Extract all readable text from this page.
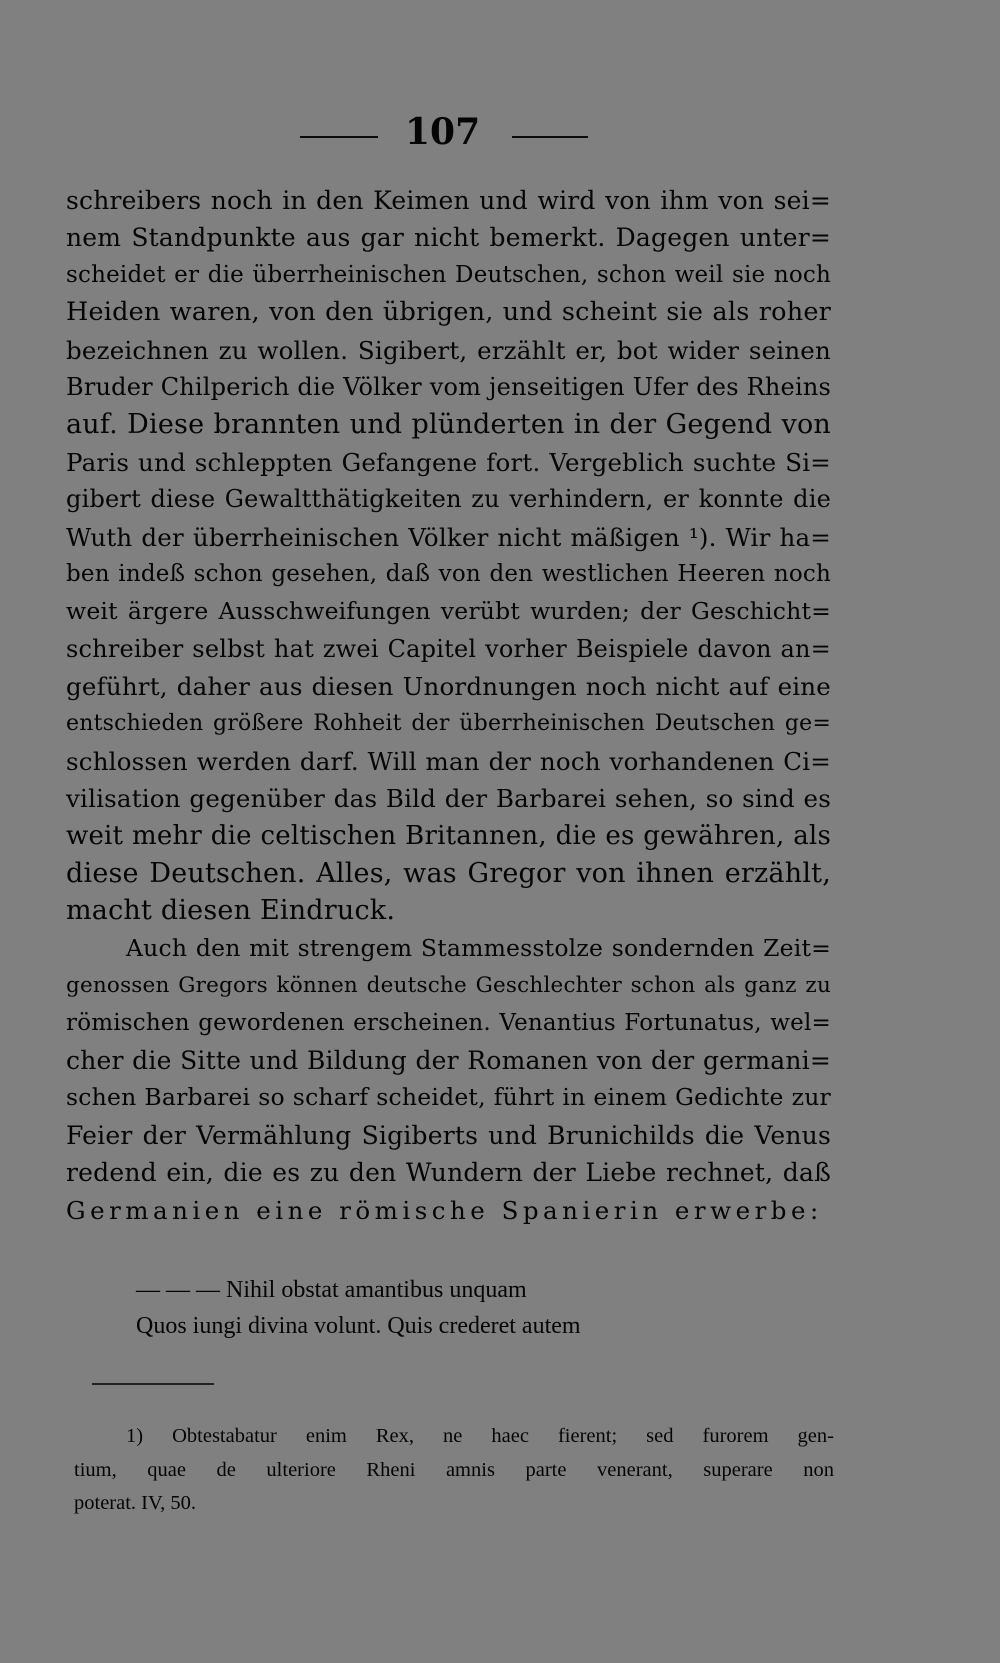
107
schreibers noch in den Keimen und wird von ihm von sei=
nem Standpunkte aus gar nicht bemerkt. Dagegen unter=
scheidet er die überrheinischen Deutschen, schon weil sie noch
Heiden waren, von den übrigen, und scheint sie als roher
bezeichnen zu wollen. Sigibert, erzählt er, bot wider seinen
Bruder Chilperich die Völker vom jenseitigen Ufer des Rheins
auf. Diese brannten und plünderten in der Gegend von
Paris und schleppten Gefangene fort. Vergeblich suchte Si=
gibert diese Gewaltthätigkeiten zu verhindern, er konnte die
Wuth der überrheinischen Völker nicht mäßigen ¹). Wir ha=
ben indeß schon gesehen, daß von den westlichen Heeren noch
weit ärgere Ausschweifungen verübt wurden; der Geschicht=
schreiber selbst hat zwei Capitel vorher Beispiele davon an=
geführt, daher aus diesen Unordnungen noch nicht auf eine
entschieden größere Rohheit der überrheinischen Deutschen ge=
schlossen werden darf. Will man der noch vorhandenen Ci=
vilisation gegenüber das Bild der Barbarei sehen, so sind es
weit mehr die celtischen Britannen, die es gewähren, als
diese Deutschen. Alles, was Gregor von ihnen erzählt,
macht diesen Eindruck.
Auch den mit strengem Stammesstolze sondernden Zeit=
genossen Gregors können deutsche Geschlechter schon als ganz zu
römischen gewordenen erscheinen. Venantius Fortunatus, wel=
cher die Sitte und Bildung der Romanen von der germani=
schen Barbarei so scharf scheidet, führt in einem Gedichte zur
Feier der Vermählung Sigiberts und Brunichilds die Venus
redend ein, die es zu den Wundern der Liebe rechnet, daß
Germanien eine römische Spanierin erwerbe:
— — — Nihil obstat amantibus unquam
Quos iungi divina volunt. Quis crederet autem
1) Obtestabatur enim Rex, ne haec fierent; sed furorem gen-
tium, quae de ulteriore Rheni amnis parte venerant, superare non
poterat. IV, 50.
